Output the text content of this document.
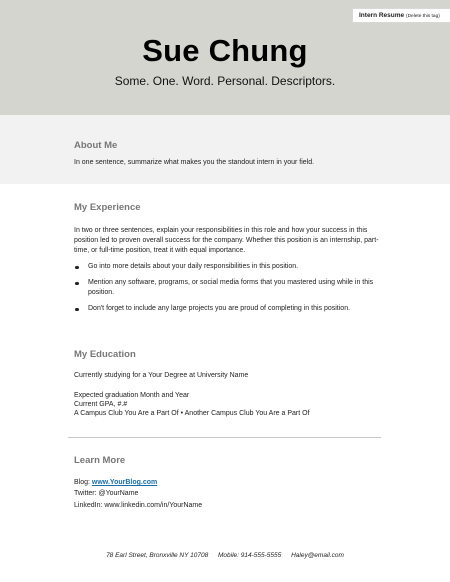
Sue Chung
Some. One. Word. Personal. Descriptors.
Intern Resume (Delete this tag)
About Me
In one sentence, summarize what makes you the standout intern in your field.
My Experience
In two or three sentences, explain your responsibilities in this role and how your success in this position led to proven overall success for the company. Whether this position is an internship, part-time, or full-time position, treat it with equal importance.
Go into more details about your daily responsibilities in this position.
Mention any software, programs, or social media forms that you mastered using while in this position.
Don't forget to include any large projects you are proud of completing in this position.
My Education
Currently studying for a Your Degree at University Name
Expected graduation Month and Year
Current GPA, #.#
A Campus Club You Are a Part Of • Another Campus Club You Are a Part Of
Learn More
Blog: www.YourBlog.com
Twitter: @YourName
LinkedIn: www.linkedin.com/in/YourName
78 Earl Street, Bronxville NY 10708 Mobile: 914-555-5555 Haley@email.com
